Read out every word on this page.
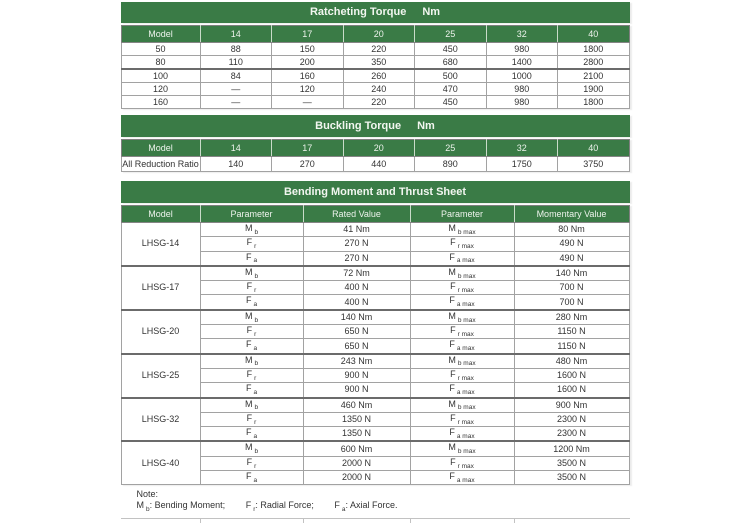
Ratcheting Torque Nm
Model	14	17	20	25	32	40
50	88	150	220	450	980	1800
80	110	200	350	680	1400	2800
100	84	160	260	500	1000	2100
120	—	120	240	470	980	1900
160	—	—	220	450	980	1800
Buckling Torque Nm
Model	14	17	20	25	32	40
All Reduction Ratio	140	270	440	890	1750	3750
Bending Moment and Thrust Sheet
Model	Parameter	Rated Value	Parameter	Momentary Value
LHSG-14	M $_b$	41 Nm	M $_{b max}$	80 Nm
	F $_r$	270 N	F $_{r max}$	490 N
	F $_a$	270 N	F $_{a max}$	490 N
LHSG-17	M $_b$	72 Nm	M $_{b max}$	140 Nm
	F $_r$	400 N	F $_{r max}$	700 N
	F $_a$	400 N	F $_{a max}$	700 N
LHSG-20	M $_b$	140 Nm	M $_{b max}$	280 Nm
	F $_r$	650 N	F $_{r max}$	1150 N
	F $_a$	650 N	F $_{a max}$	1150 N
LHSG-25	M $_b$	243 Nm	M $_{b max}$	480 Nm
	F $_r$	900 N	F $_{r max}$	1600 N
	F $_a$	900 N	F $_{a max}$	1600 N
LHSG-32	M $_b$	460 Nm	M $_{b max}$	900 Nm
	F $_r$	1350 N	F $_{r max}$	2300 N
	F $_a$	1350 N	F $_{a max}$	2300 N
LHSG-40	M $_b$	600 Nm	M $_{b max}$	1200 Nm
	F $_r$	2000 N	F $_{r max}$	3500 N
	F $_a$	2000 N	F $_{a max}$	3500 N
Note:
M $_b$: Bending Moment; F $_r$: Radial Force; F $_a$: Axial Force.
